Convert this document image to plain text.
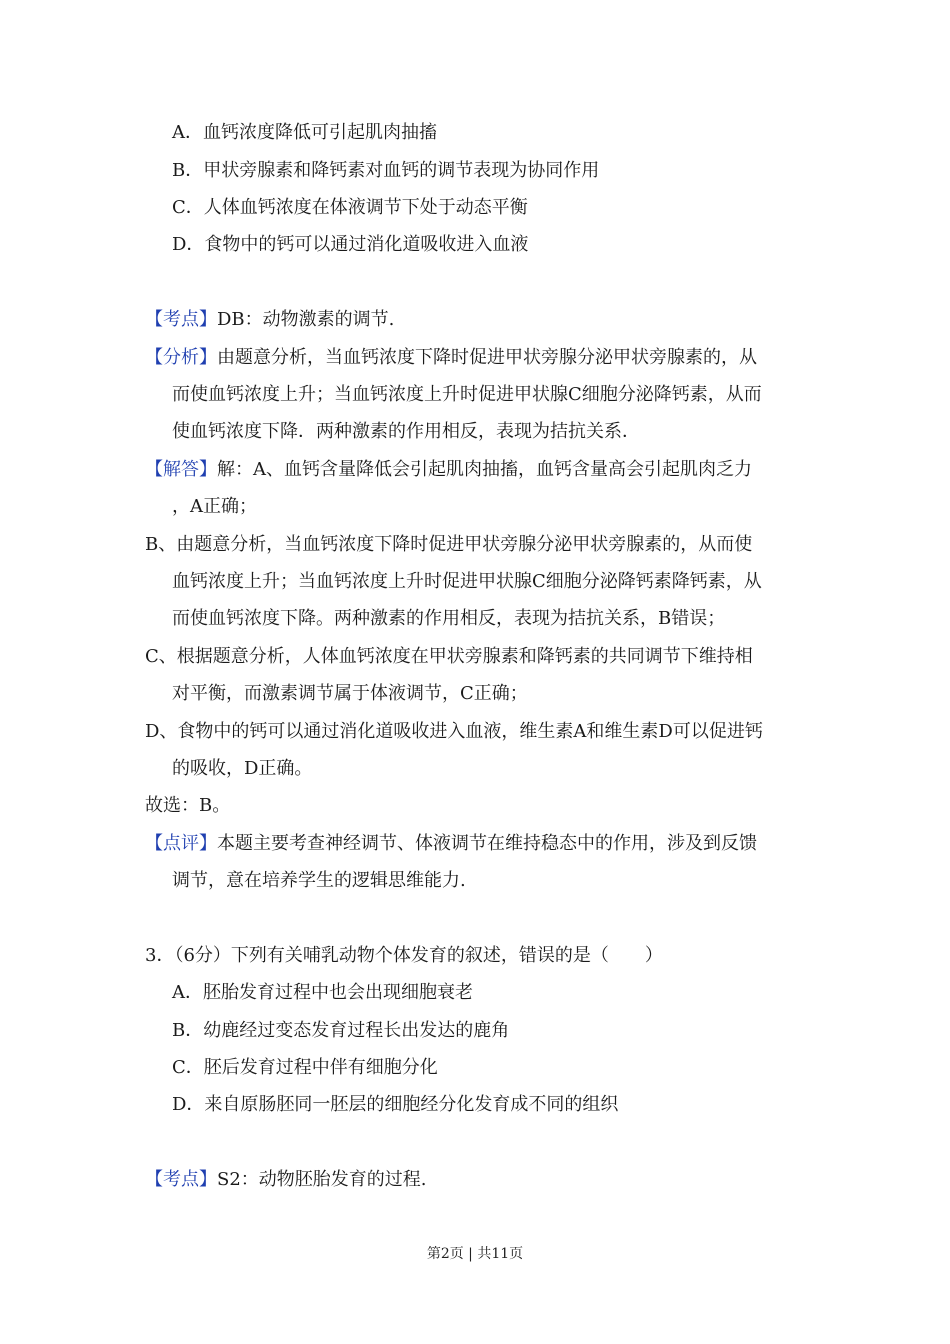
A．血钙浓度降低可引起肌肉抽搐
B．甲状旁腺素和降钙素对血钙的调节表现为协同作用
C．人体血钙浓度在体液调节下处于动态平衡
D．食物中的钙可以通过消化道吸收进入血液
【考点】DB：动物激素的调节.
【分析】由题意分析，当血钙浓度下降时促进甲状旁腺分泌甲状旁腺素的，从
而使血钙浓度上升；当血钙浓度上升时促进甲状腺C细胞分泌降钙素，从而
使血钙浓度下降．两种激素的作用相反，表现为拮抗关系．
【解答】解：A、血钙含量降低会引起肌肉抽搐，血钙含量高会引起肌肉乏力
，A正确；
B、由题意分析，当血钙浓度下降时促进甲状旁腺分泌甲状旁腺素的，从而使
血钙浓度上升；当血钙浓度上升时促进甲状腺C细胞分泌降钙素降钙素，从
而使血钙浓度下降。两种激素的作用相反，表现为拮抗关系，B错误；
C、根据题意分析，人体血钙浓度在甲状旁腺素和降钙素的共同调节下维持相
对平衡，而激素调节属于体液调节，C正确；
D、食物中的钙可以通过消化道吸收进入血液，维生素A和维生素D可以促进钙
的吸收，D正确。
故选：B。
【点评】本题主要考查神经调节、体液调节在维持稳态中的作用，涉及到反馈
调节，意在培养学生的逻辑思维能力.
3．（6分）下列有关哺乳动物个体发育的叙述，错误的是（　　）
A．胚胎发育过程中也会出现细胞衰老
B．幼鹿经过变态发育过程长出发达的鹿角
C．胚后发育过程中伴有细胞分化
D．来自原肠胚同一胚层的细胞经分化发育成不同的组织
【考点】S2：动物胚胎发育的过程.
第2页 | 共11页
